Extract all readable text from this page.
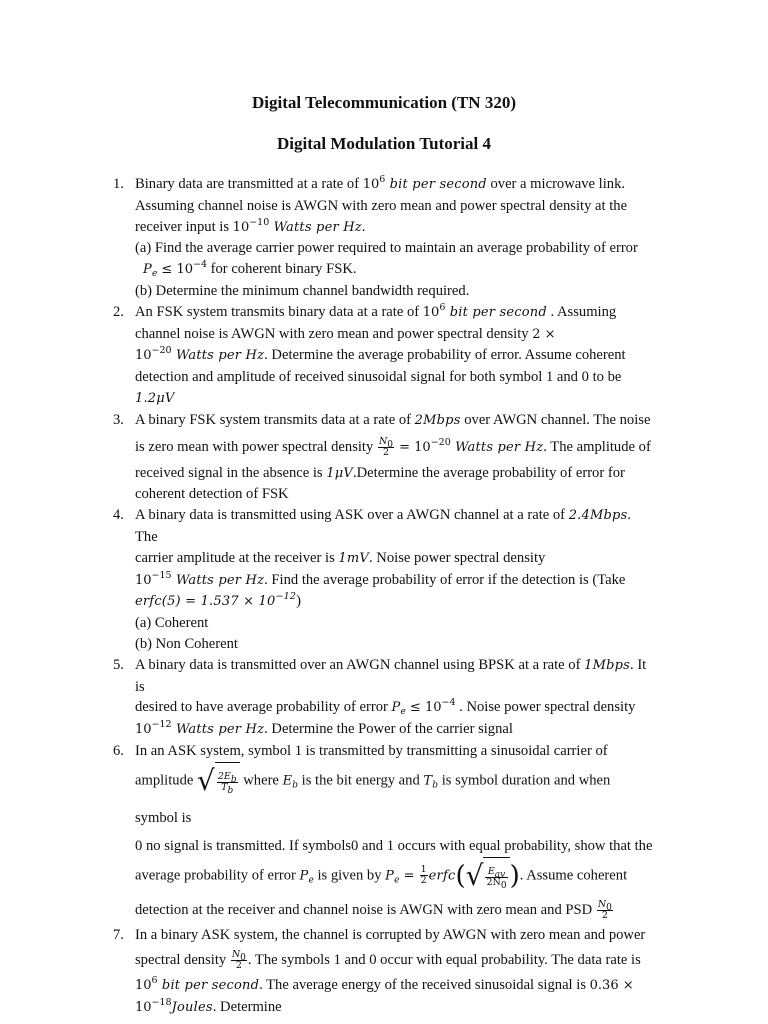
Digital Telecommunication (TN 320)
Digital Modulation Tutorial 4
1. Binary data are transmitted at a rate of $10^6$ bit per second over a microwave link.
Assuming channel noise is AWGN with zero mean and power spectral density at the
receiver input is $10^{-10}$ Watts per Hz.
(a) Find the average carrier power required to maintain an average probability of error
$P_e \le 10^{-4}$ for coherent binary FSK.
(b) Determine the minimum channel bandwidth required.
2. An FSK system transmits binary data at a rate of $10^6$ bit per second . Assuming
channel noise is AWGN with zero mean and power spectral density 2 ×
$10^{-20}$ Watts per Hz. Determine the average probability of error. Assume coherent
detection and amplitude of received sinusoidal signal for both symbol 1 and 0 to be
1.2μV
3. A binary FSK system transmits data at a rate of 2Mbps over AWGN channel. The noise
is zero mean with power spectral density $\frac{N_0}{2} = 10^{-20}$ Watts per Hz. The amplitude of
received signal in the absence is 1μV.Determine the average probability of error for
coherent detection of FSK
4. A binary data is transmitted using ASK over a AWGN channel at a rate of 2.4Mbps. The
carrier amplitude at the receiver is 1mV. Noise power spectral density
$10^{-15}$ Watts per Hz. Find the average probability of error if the detection is (Take
erfc(5) = $1.537 \times 10^{-12}$)
(a) Coherent
(b) Non Coherent
5. A binary data is transmitted over an AWGN channel using BPSK at a rate of 1Mbps. It is
desired to have average probability of error $P_e \le 10^{-4}$ . Noise power spectral density
$10^{-12}$ Watts per Hz. Determine the Power of the carrier signal
6. In an ASK system, symbol 1 is transmitted by transmitting a sinusoidal carrier of
amplitude √ $\frac{2E_b}{T_b}$ where $E_b$ is the bit energy and $T_b$ is symbol duration and when symbol is
0 no signal is transmitted. If symbols0 and 1 occurs with equal probability, show that the
average probability of error $P_e$ is given by $P_e = \frac{1}{2}$ erfc(√ $\frac{E_{av}}{2N_0}$ ). Assume coherent
detection at the receiver and channel noise is AWGN with zero mean and PSD $\frac{N_0}{2}$
7. In a binary ASK system, the channel is corrupted by AWGN with zero mean and power
spectral density $\frac{N_0}{2}$ . The symbols 1 and 0 occur with equal probability. The data rate is
$10^6$ bit per second. The average energy of the received sinusoidal signal is 0.36 ×
$10^{-18}Joules$. Determine
